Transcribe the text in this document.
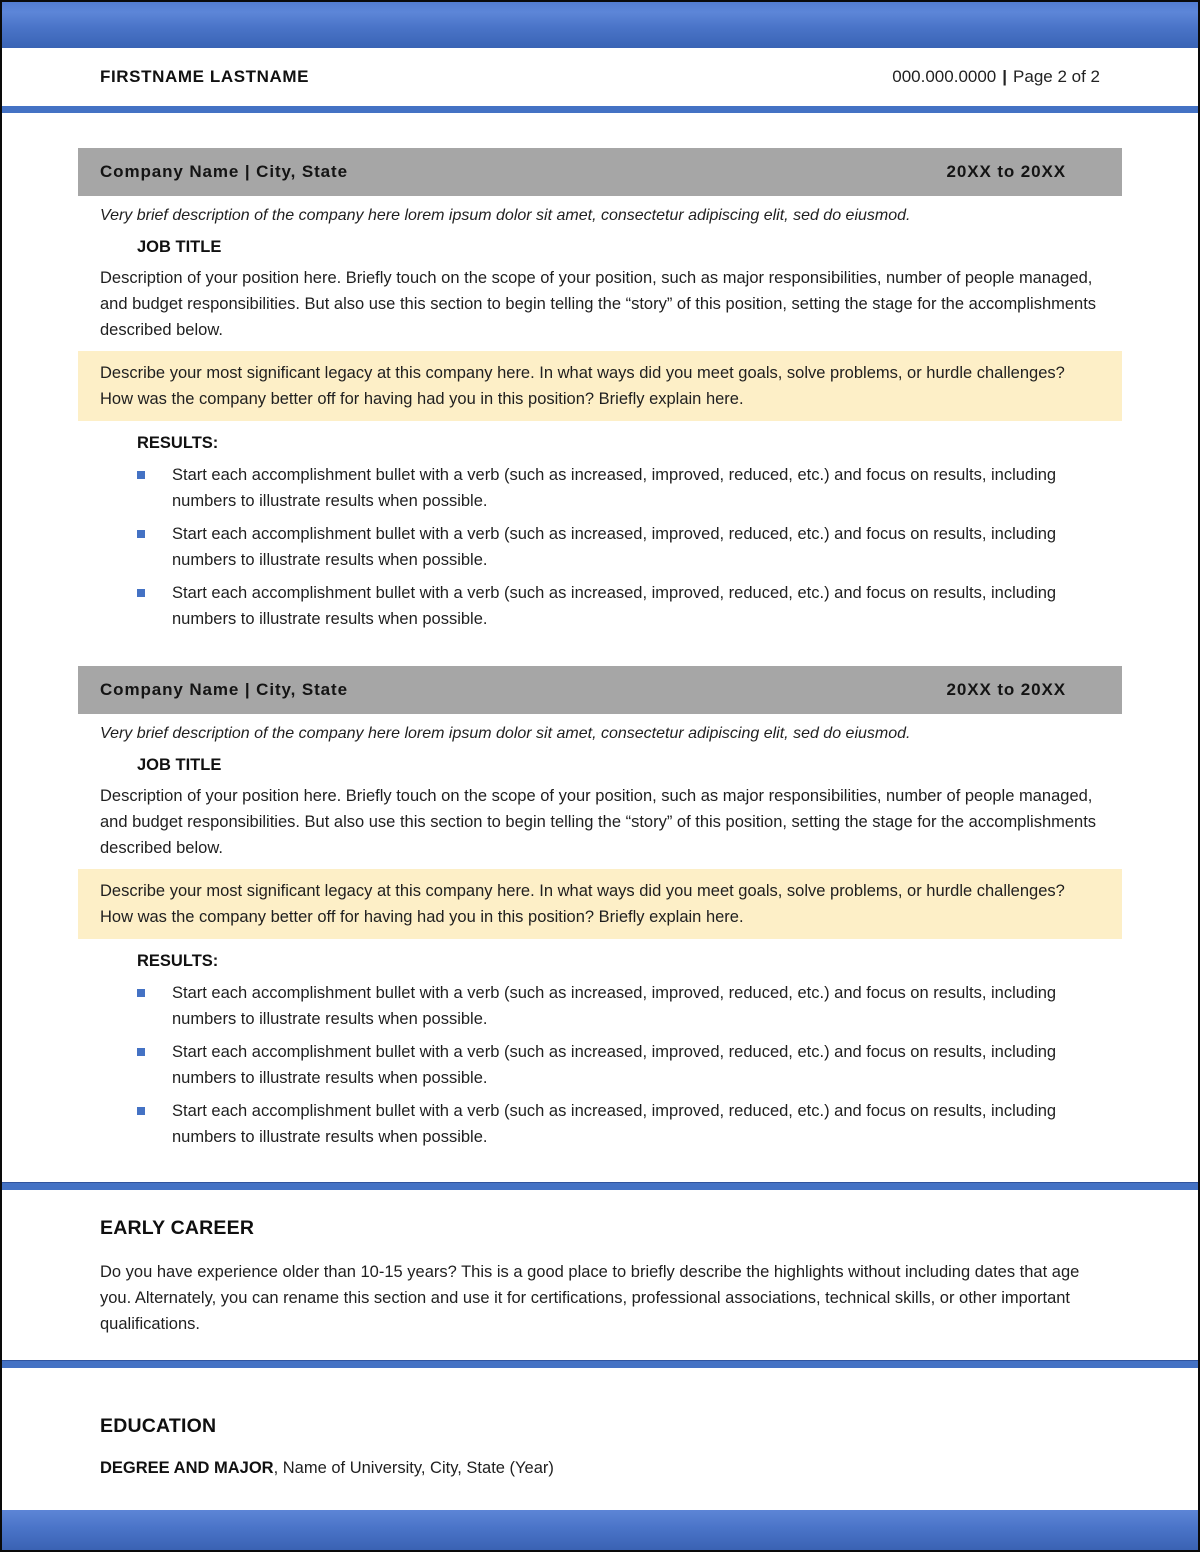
FIRSTNAME LASTNAME	000.000.0000 | Page 2 of 2
Company Name | City, State	20XX to 20XX

Very brief description of the company here lorem ipsum dolor sit amet, consectetur adipiscing elit, sed do eiusmod.

JOB TITLE

Description of your position here. Briefly touch on the scope of your position, such as major responsibilities, number of people managed, and budget responsibilities. But also use this section to begin telling the “story” of this position, setting the stage for the accomplishments described below.

Describe your most significant legacy at this company here. In what ways did you meet goals, solve problems, or hurdle challenges? How was the company better off for having had you in this position? Briefly explain here.
RESULTS:
Start each accomplishment bullet with a verb (such as increased, improved, reduced, etc.) and focus on results, including numbers to illustrate results when possible.
Start each accomplishment bullet with a verb (such as increased, improved, reduced, etc.) and focus on results, including numbers to illustrate results when possible.
Start each accomplishment bullet with a verb (such as increased, improved, reduced, etc.) and focus on results, including numbers to illustrate results when possible.
Company Name | City, State	20XX to 20XX

Very brief description of the company here lorem ipsum dolor sit amet, consectetur adipiscing elit, sed do eiusmod.

JOB TITLE

Description of your position here. Briefly touch on the scope of your position, such as major responsibilities, number of people managed, and budget responsibilities. But also use this section to begin telling the “story” of this position, setting the stage for the accomplishments described below.

Describe your most significant legacy at this company here. In what ways did you meet goals, solve problems, or hurdle challenges? How was the company better off for having had you in this position? Briefly explain here.
RESULTS:
Start each accomplishment bullet with a verb (such as increased, improved, reduced, etc.) and focus on results, including numbers to illustrate results when possible.
Start each accomplishment bullet with a verb (such as increased, improved, reduced, etc.) and focus on results, including numbers to illustrate results when possible.
Start each accomplishment bullet with a verb (such as increased, improved, reduced, etc.) and focus on results, including numbers to illustrate results when possible.
EARLY CAREER

Do you have experience older than 10-15 years? This is a good place to briefly describe the highlights without including dates that age you. Alternately, you can rename this section and use it for certifications, professional associations, technical skills, or other important qualifications.

EDUCATION

DEGREE AND MAJOR, Name of University, City, State (Year)
